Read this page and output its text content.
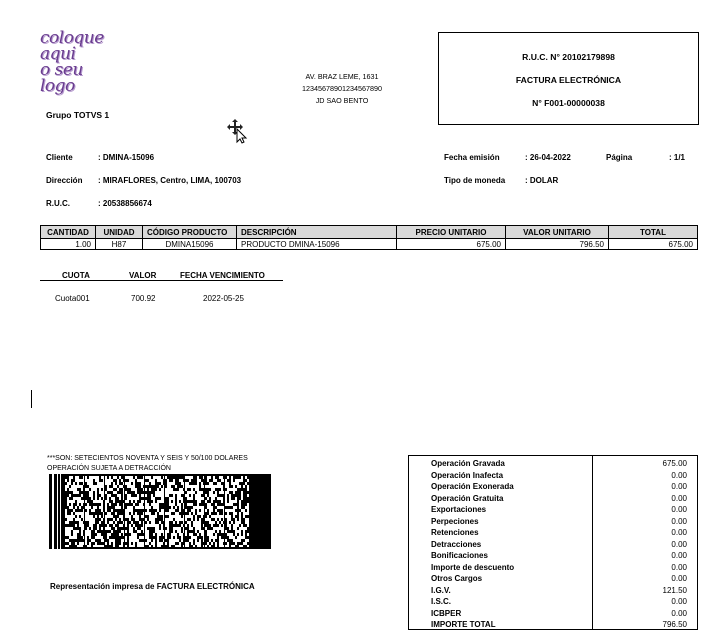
coloque aqui
o seu logo
Grupo TOTVS 1
AV. BRAZ LEME, 1631
12345678901234567890
JD SAO BENTO
R.U.C. N° 20102179898
FACTURA ELECTRÓNICA
N° F001-00000038
Cliente	: DMINA-15096
Dirección : MIRAFLORES, Centro, LIMA, 100703
R.U.C.	: 20538856674
Fecha emisión	: 26-04-2022	Página	: 1/1
Tipo de moneda : DOLAR
CANTIDAD	UNIDAD	CÓDIGO PRODUCTO	DESCRIPCIÓN	PRECIO UNITARIO	VALOR UNITARIO	TOTAL
1.00	H87	DMINA15096	PRODUCTO DMINA-15096	675.00	796.50	675.00
CUOTA	VALOR	FECHA VENCIMIENTO
Cuota001	700.92	2022-05-25
***SON: SETECIENTOS NOVENTA Y SEIS Y 50/100 DOLARES
OPERACIÓN SUJETA A DETRACCIÓN
Representación impresa de FACTURA ELECTRÓNICA
Operación Gravada	675.00
Operación Inafecta	0.00
Operación Exonerada	0.00
Operación Gratuita	0.00
Exportaciones	0.00
Perpeciones	0.00
Retenciones	0.00
Detracciones	0.00
Bonificaciones	0.00
Importe de descuento	0.00
Otros Cargos	0.00
I.G.V.	121.50
I.S.C.	0.00
ICBPER	0.00
IMPORTE TOTAL	796.50
